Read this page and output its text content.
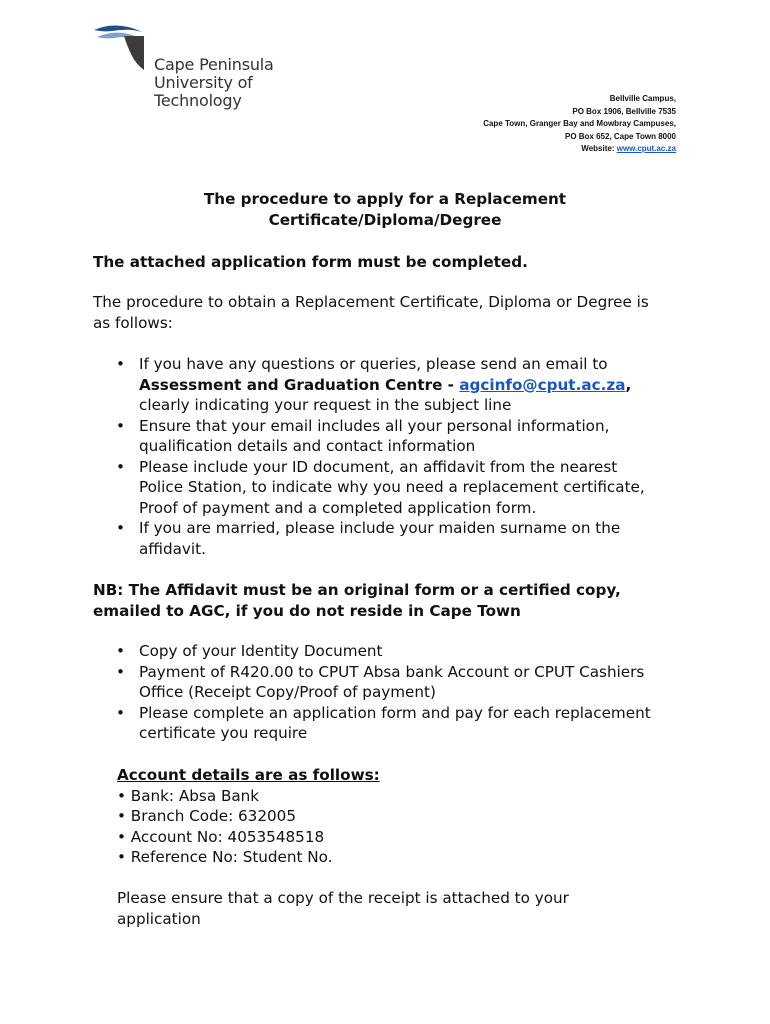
Cape Peninsula
University of Technology	Bellville Campus,
PO Box 1906, Bellville 7535
Cape Town, Granger Bay and Mowbray Campuses,
PO Box 652, Cape Town 8000
Website: www.cput.ac.za
The procedure to apply for a Replacement
Certificate/Diploma/Degree
The attached application form must be completed.
The procedure to obtain a Replacement Certificate, Diploma or Degree is
as follows:
• If you have any questions or queries, please send an email to
Assessment and Graduation Centre - agcinfo@cput.ac.za,
clearly indicating your request in the subject line
• Ensure that your email includes all your personal information,
qualification details and contact information
• Please include your ID document, an affidavit from the nearest
Police Station, to indicate why you need a replacement certificate,
Proof of payment and a completed application form.
• If you are married, please include your maiden surname on the
affidavit.
NB: The Affidavit must be an original form or a certified copy,
emailed to AGC, if you do not reside in Cape Town
• Copy of your Identity Document
• Payment of R420.00 to CPUT Absa bank Account or CPUT Cashiers
Office (Receipt Copy/Proof of payment)
• Please complete an application form and pay for each replacement
certificate you require
Account details are as follows:
• Bank: Absa Bank
• Branch Code: 632005
• Account No: 4053548518
• Reference No: Student No.
Please ensure that a copy of the receipt is attached to your
application
